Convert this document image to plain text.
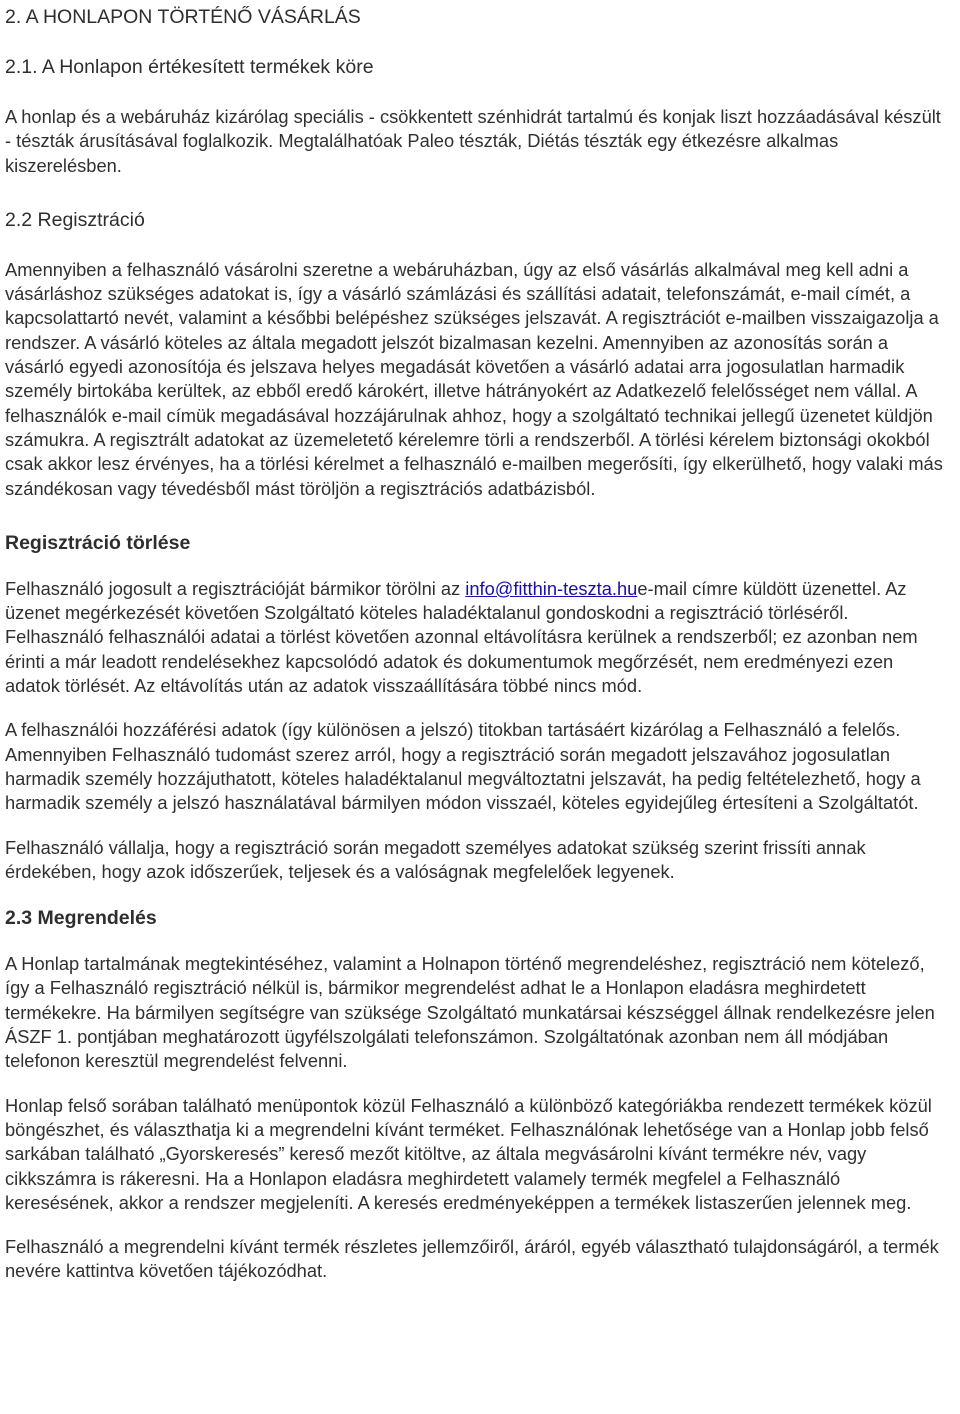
2. A HONLAPON TÖRTÉNŐ VÁSÁRLÁS
2.1. A Honlapon értékesített termékek köre

A honlap és a webáruház kizárólag speciális - csökkentett szénhidrát tartalmú és konjak liszt hozzáadásával készült - tészták árusításával foglalkozik. Megtalálhatóak Paleo tészták, Diétás tészták egy étkezésre alkalmas kiszerelésben.

2.2 Regisztráció

Amennyiben a felhasználó vásárolni szeretne a webáruházban, úgy az első vásárlás alkalmával meg kell adni a vásárláshoz szükséges adatokat is, így a vásárló számlázási és szállítási adatait, telefonszámát, e-mail címét, a kapcsolattartó nevét, valamint a későbbi belépéshez szükséges jelszavát. A regisztrációt e-mailben visszaigazolja a rendszer. A vásárló köteles az általa megadott jelszót bizalmasan kezelni. Amennyiben az azonosítás során a vásárló egyedi azonosítója és jelszava helyes megadását követően a vásárló adatai arra jogosulatlan harmadik személy birtokába kerültek, az ebből eredő károkért, illetve hátrányokért az Adatkezelő felelősséget nem vállal. A felhasználók e-mail címük megadásával hozzájárulnak ahhoz, hogy a szolgáltató technikai jellegű üzenetet küldjön számukra. A regisztrált adatokat az üzemeletető kérelemre törli a rendszerből. A törlési kérelem biztonsági okokból csak akkor lesz érvényes, ha a törlési kérelmet a felhasználó e-mailben megerősíti, így elkerülhető, hogy valaki más szándékosan vagy tévedésből mást töröljön a regisztrációs adatbázisból.

Regisztráció törlése

Felhasználó jogosult a regisztrációját bármikor törölni az info@fitthin-teszta.hue-mail címre küldött üzenettel. Az üzenet megérkezését követően Szolgáltató köteles haladéktalanul gondoskodni a regisztráció törléséről. Felhasználó felhasználói adatai a törlést követően azonnal eltávolításra kerülnek a rendszerből; ez azonban nem érinti a már leadott rendelésekhez kapcsolódó adatok és dokumentumok megőrzését, nem eredményezi ezen adatok törlését. Az eltávolítás után az adatok visszaállítására többé nincs mód.

A felhasználói hozzáférési adatok (így különösen a jelszó) titokban tartásáért kizárólag a Felhasználó a felelős. Amennyiben Felhasználó tudomást szerez arról, hogy a regisztráció során megadott jelszavához jogosulatlan harmadik személy hozzájuthatott, köteles haladéktalanul megváltoztatni jelszavát, ha pedig feltételezhető, hogy a harmadik személy a jelszó használatával bármilyen módon visszaél, köteles egyidejűleg értesíteni a Szolgáltatót.

Felhasználó vállalja, hogy a regisztráció során megadott személyes adatokat szükség szerint frissíti annak érdekében, hogy azok időszerűek, teljesek és a valóságnak megfelelőek legyenek.

2.3 Megrendelés

A Honlap tartalmának megtekintéséhez, valamint a Holnapon történő megrendeléshez, regisztráció nem kötelező, így a Felhasználó regisztráció nélkül is, bármikor megrendelést adhat le a Honlapon eladásra meghirdetett termékekre. Ha bármilyen segítségre van szüksége Szolgáltató munkatársai készséggel állnak rendelkezésre jelen ÁSZF 1. pontjában meghatározott ügyfélszolgálati telefonszámon. Szolgáltatónak azonban nem áll módjában telefonon keresztül megrendelést felvenni.

Honlap felső sorában található menüpontok közül Felhasználó a különböző kategóriákba rendezett termékek közül böngészhet, és választhatja ki a megrendelni kívánt terméket. Felhasználónak lehetősége van a Honlap jobb felső sarkában található „Gyorskeresés” kereső mezőt kitöltve, az általa megvásárolni kívánt termékre név, vagy cikkszámra is rákeresni. Ha a Honlapon eladásra meghirdetett valamely termék megfelel a Felhasználó keresésének, akkor a rendszer megjeleníti. A keresés eredményeképpen a termékek listaszerűen jelennek meg.

Felhasználó a megrendelni kívánt termék részletes jellemzőiről, áráról, egyéb választható tulajdonságáról, a termék nevére kattintva követően tájékozódhat.
